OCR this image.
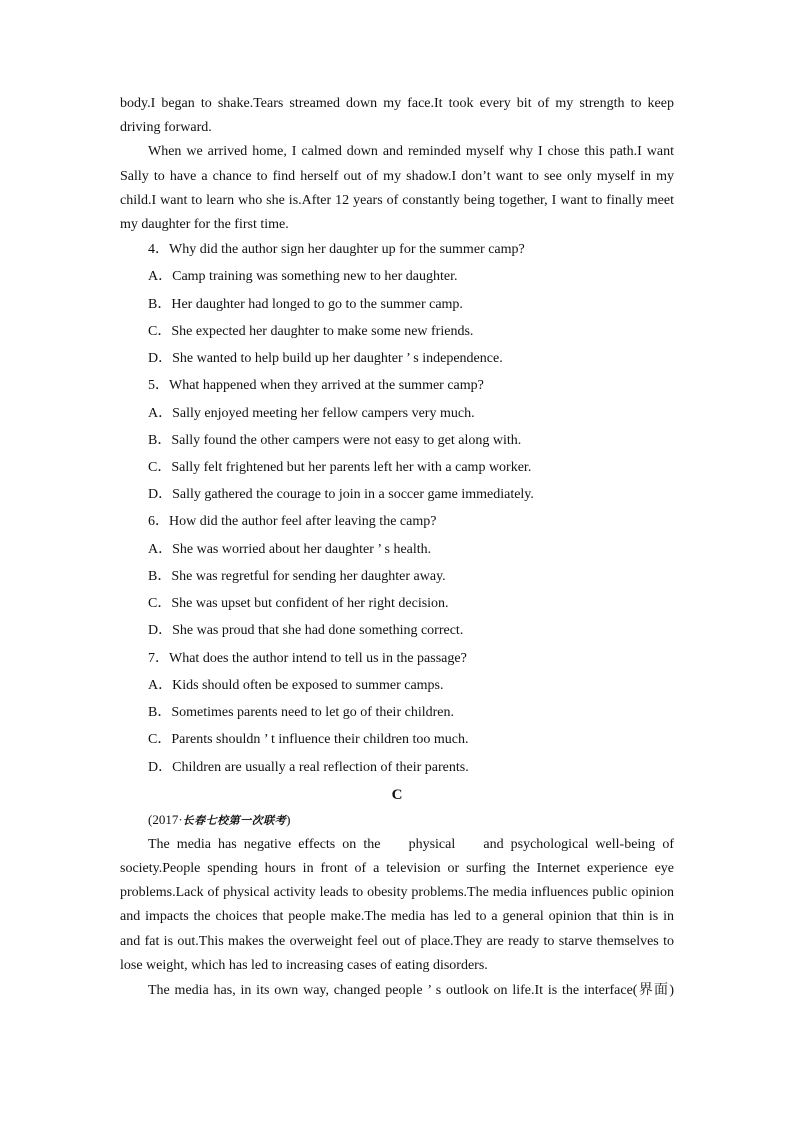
body.I began to shake.Tears streamed down my face.It took every bit of my strength to keep
driving forward.
When we arrived home, I calmed down and reminded myself why I chose this path.I want
Sally to have a chance to find herself out of my shadow.I don’t want to see only myself in my
child.I want to learn who she is.After 12 years of constantly being together, I want to finally meet
my daughter for the first time.
4．Why did the author sign her daughter up for the summer camp?
A．Camp training was something new to her daughter.
B．Her daughter had longed to go to the summer camp.
C．She expected her daughter to make some new friends.
D．She wanted to help build up her daughter ’ s independence.
5．What happened when they arrived at the summer camp?
A．Sally enjoyed meeting her fellow campers very much.
B．Sally found the other campers were not easy to get along with.
C．Sally felt frightened but her parents left her with a camp worker.
D．Sally gathered the courage to join in a soccer game immediately.
6．How did the author feel after leaving the camp?
A．She was worried about her daughter ’ s health.
B．She was regretful for sending her daughter away.
C．She was upset but confident of her right decision.
D．She was proud that she had done something correct.
7．What does the author intend to tell us in the passage?
A．Kids should often be exposed to summer camps.
B．Sometimes parents need to let go of their children.
C．Parents shouldn ’ t influence their children too much.
D．Children are usually a real reflection of their parents.
C
(2017·长春七校第一次联考)
The media has negative effects on the    physical    and psychological well-being of
society.People spending hours in front of a television or surfing the Internet experience eye
problems.Lack of physical activity leads to obesity problems.The media influences public opinion
and impacts the choices that people make.The media has led to a general opinion that thin is in
and fat is out.This makes the overweight feel out of place.They are ready to starve themselves to
lose weight, which has led to increasing cases of eating disorders.
The media has, in its own way, changed people ’ s outlook on life.It is the interface(界面)
